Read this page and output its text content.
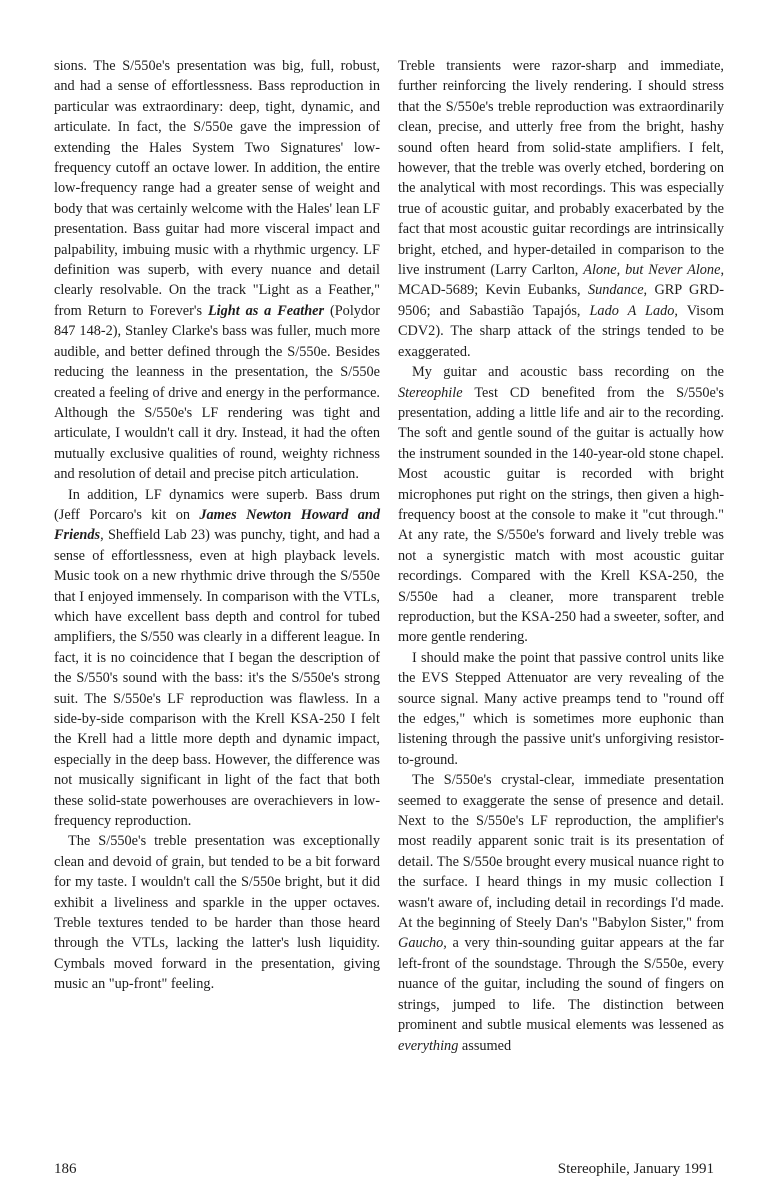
sions. The S/550e's presentation was big, full, robust, and had a sense of effortlessness. Bass reproduction in particular was extraordinary: deep, tight, dynamic, and articulate. In fact, the S/550e gave the impression of extending the Hales System Two Signatures' low-frequency cutoff an octave lower. In addition, the entire low-frequency range had a greater sense of weight and body that was certainly welcome with the Hales' lean LF presentation. Bass guitar had more visceral impact and palpability, imbuing music with a rhythmic urgency. LF definition was superb, with every nuance and detail clearly resolvable. On the track "Light as a Feather," from Return to Forever's Light as a Feather (Polydor 847 148-2), Stanley Clarke's bass was fuller, much more audible, and better defined through the S/550e. Besides reducing the leanness in the presentation, the S/550e created a feeling of drive and energy in the performance. Although the S/550e's LF rendering was tight and articulate, I wouldn't call it dry. Instead, it had the often mutually exclusive qualities of round, weighty richness and resolution of detail and precise pitch articulation.

In addition, LF dynamics were superb. Bass drum (Jeff Porcaro's kit on James Newton Howard and Friends, Sheffield Lab 23) was punchy, tight, and had a sense of effortlessness, even at high playback levels. Music took on a new rhythmic drive through the S/550e that I enjoyed immensely. In comparison with the VTLs, which have excellent bass depth and control for tubed amplifiers, the S/550 was clearly in a different league. In fact, it is no coincidence that I began the description of the S/550's sound with the bass: it's the S/550e's strong suit. The S/550e's LF reproduction was flawless. In a side-by-side comparison with the Krell KSA-250 I felt the Krell had a little more depth and dynamic impact, especially in the deep bass. However, the difference was not musically significant in light of the fact that both these solid-state powerhouses are overachievers in low-frequency reproduction.

The S/550e's treble presentation was exceptionally clean and devoid of grain, but tended to be a bit forward for my taste. I wouldn't call the S/550e bright, but it did exhibit a liveliness and sparkle in the upper octaves. Treble textures tended to be harder than those heard through the VTLs, lacking the latter's lush liquidity. Cymbals moved forward in the presentation, giving music an "up-front" feeling.

Treble transients were razor-sharp and immediate, further reinforcing the lively rendering. I should stress that the S/550e's treble reproduction was extraordinarily clean, precise, and utterly free from the bright, hashy sound often heard from solid-state amplifiers. I felt, however, that the treble was overly etched, bordering on the analytical with most recordings. This was especially true of acoustic guitar, and probably exacerbated by the fact that most acoustic guitar recordings are intrinsically bright, etched, and hyper-detailed in comparison to the live instrument (Larry Carlton, Alone, but Never Alone, MCAD-5689; Kevin Eubanks, Sundance, GRP GRD-9506; and Sabastião Tapajós, Lado A Lado, Visom CDV2). The sharp attack of the strings tended to be exaggerated.

My guitar and acoustic bass recording on the Stereophile Test CD benefited from the S/550e's presentation, adding a little life and air to the recording. The soft and gentle sound of the guitar is actually how the instrument sounded in the 140-year-old stone chapel. Most acoustic guitar is recorded with bright microphones put right on the strings, then given a high-frequency boost at the console to make it "cut through." At any rate, the S/550e's forward and lively treble was not a synergistic match with most acoustic guitar recordings. Compared with the Krell KSA-250, the S/550e had a cleaner, more transparent treble reproduction, but the KSA-250 had a sweeter, softer, and more gentle rendering.

I should make the point that passive control units like the EVS Stepped Attenuator are very revealing of the source signal. Many active preamps tend to "round off the edges," which is sometimes more euphonic than listening through the passive unit's unforgiving resistor-to-ground.

The S/550e's crystal-clear, immediate presentation seemed to exaggerate the sense of presence and detail. Next to the S/550e's LF reproduction, the amplifier's most readily apparent sonic trait is its presentation of detail. The S/550e brought every musical nuance right to the surface. I heard things in my music collection I wasn't aware of, including detail in recordings I'd made. At the beginning of Steely Dan's "Babylon Sister," from Gaucho, a very thin-sounding guitar appears at the far left-front of the soundstage. Through the S/550e, every nuance of the guitar, including the sound of fingers on strings, jumped to life. The distinction between prominent and subtle musical elements was lessened as everything assumed

186	Stereophile, January 1991
